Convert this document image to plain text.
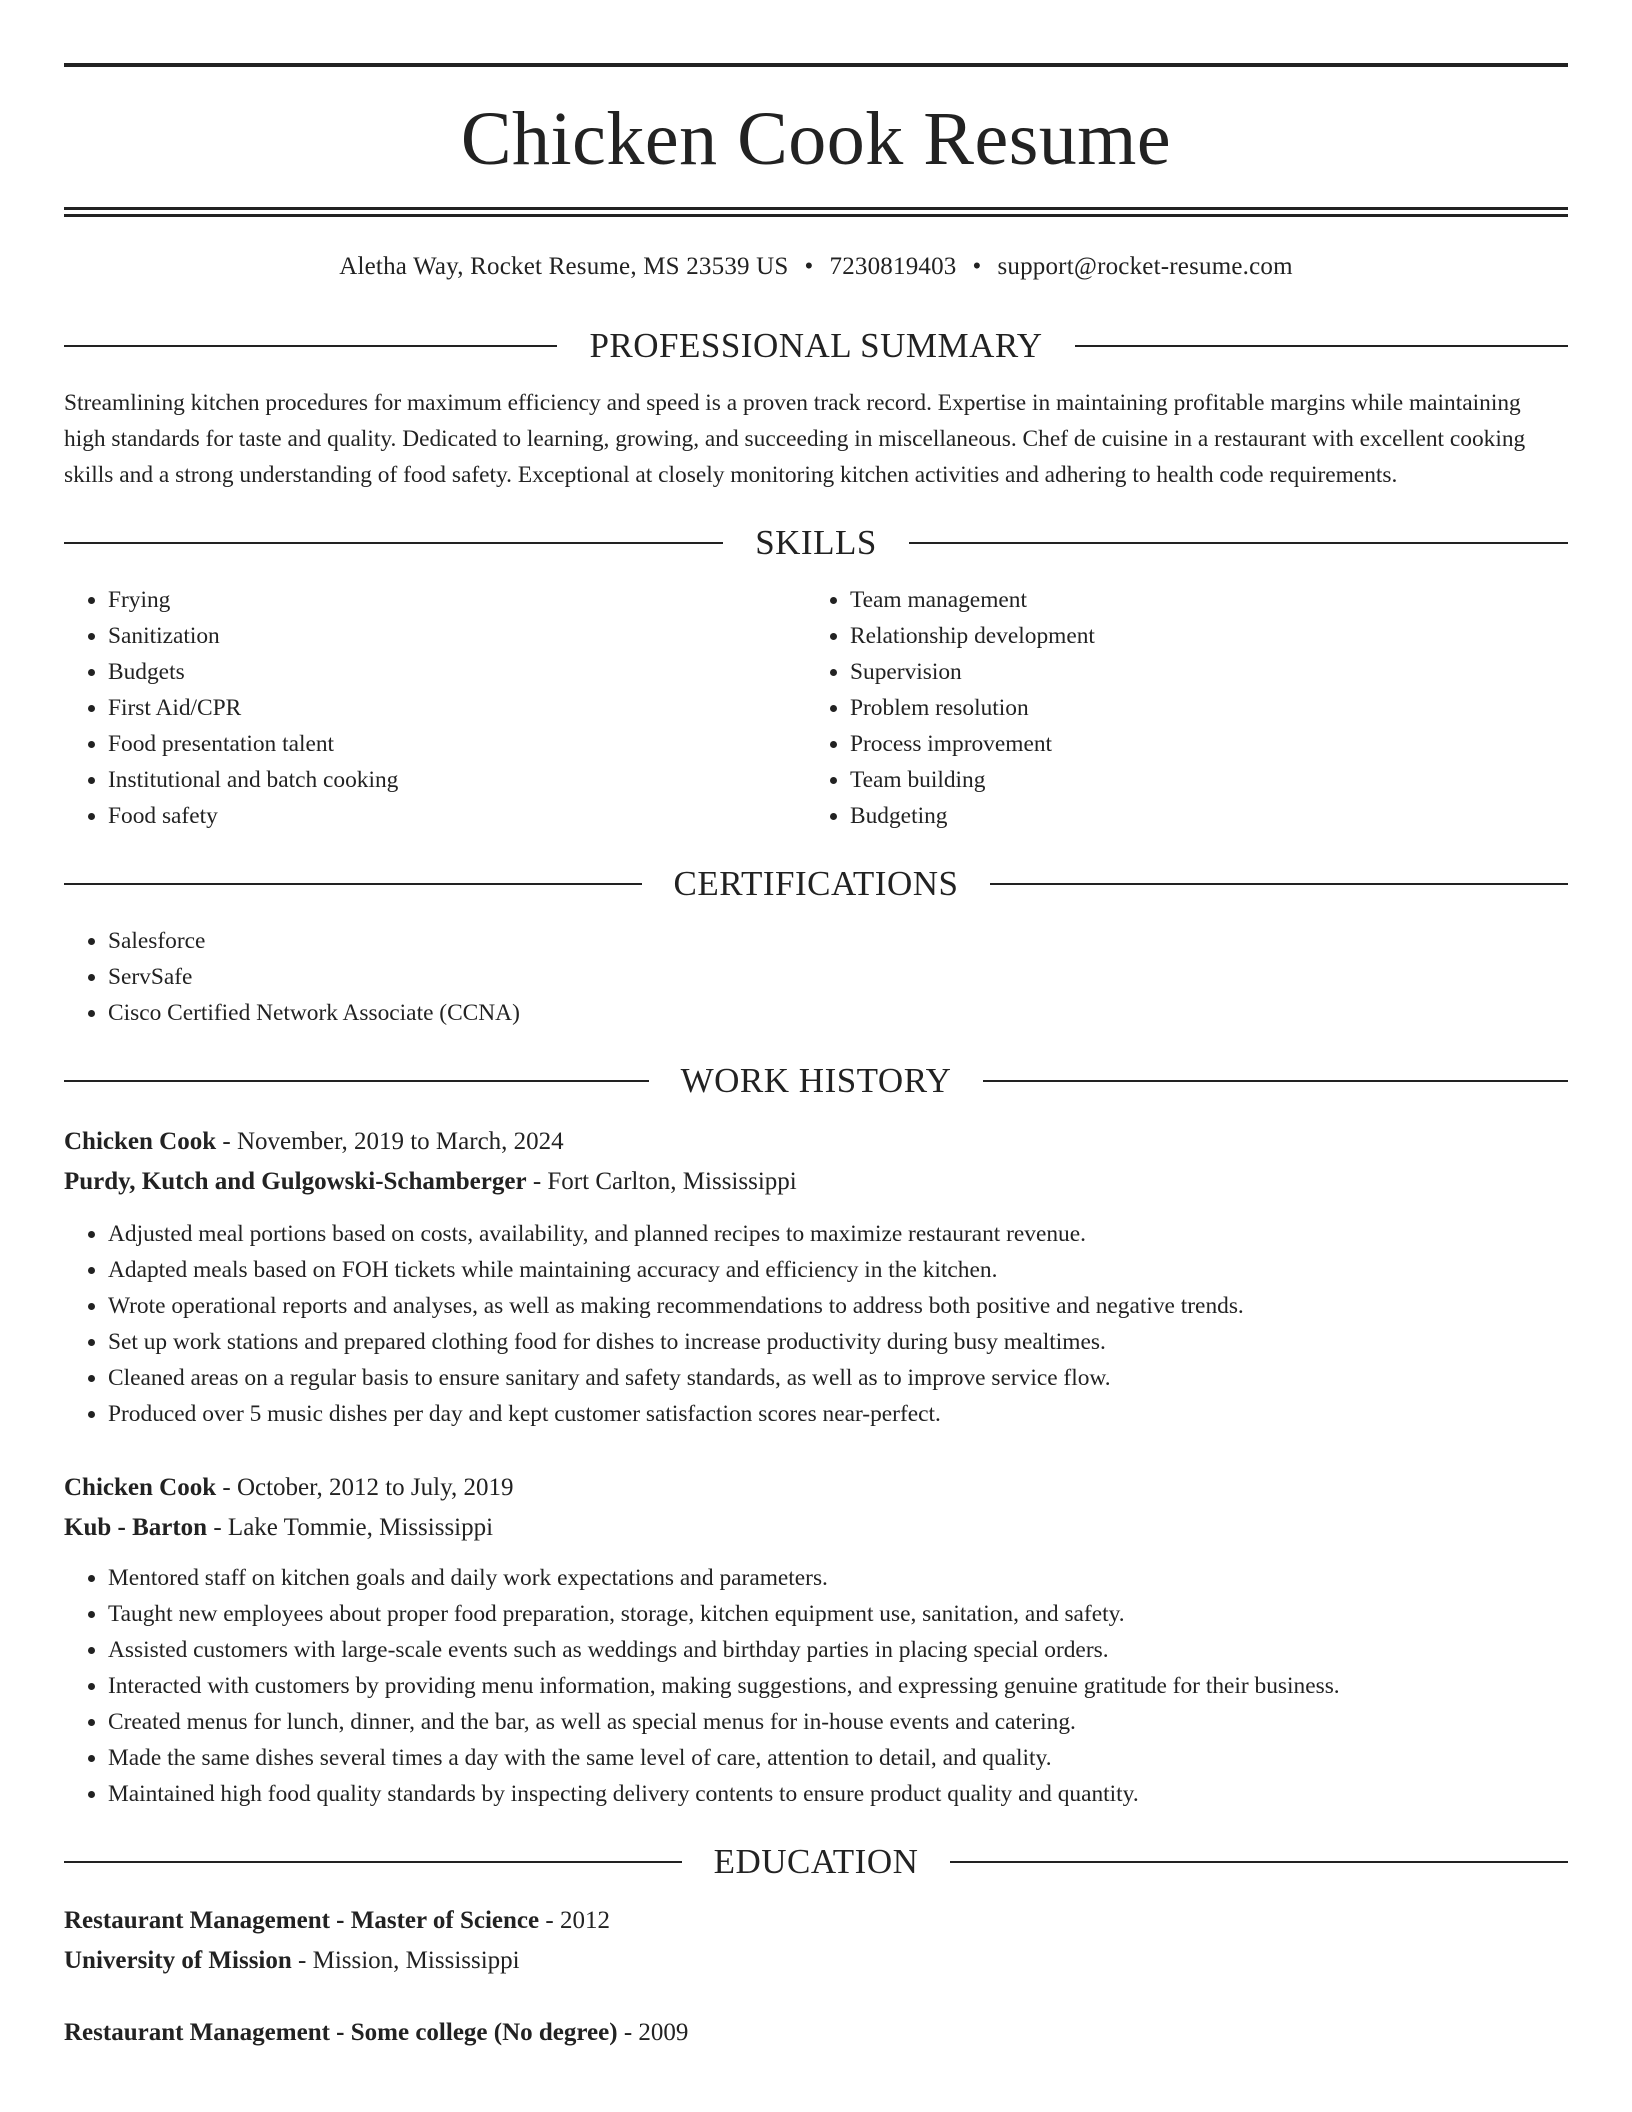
Chicken Cook Resume
Aletha Way, Rocket Resume, MS 23539 US • 7230819403 • support@rocket-resume.com
PROFESSIONAL SUMMARY

Streamlining kitchen procedures for maximum efficiency and speed is a proven track record. Expertise in maintaining profitable margins while maintaining high standards for taste and quality. Dedicated to learning, growing, and succeeding in miscellaneous. Chef de cuisine in a restaurant with excellent cooking skills and a strong understanding of food safety. Exceptional at closely monitoring kitchen activities and adhering to health code requirements.

SKILLS
• Frying
• Sanitization
• Budgets
• First Aid/CPR
• Food presentation talent
• Institutional and batch cooking
• Food safety
• Team management
• Relationship development
• Supervision
• Problem resolution
• Process improvement
• Team building
• Budgeting
CERTIFICATIONS
• Salesforce
• ServSafe
• Cisco Certified Network Associate (CCNA)
WORK HISTORY
Chicken Cook - November, 2019 to March, 2024
Purdy, Kutch and Gulgowski-Schamberger - Fort Carlton, Mississippi
• Adjusted meal portions based on costs, availability, and planned recipes to maximize restaurant revenue.
• Adapted meals based on FOH tickets while maintaining accuracy and efficiency in the kitchen.
• Wrote operational reports and analyses, as well as making recommendations to address both positive and negative trends.
• Set up work stations and prepared clothing food for dishes to increase productivity during busy mealtimes.
• Cleaned areas on a regular basis to ensure sanitary and safety standards, as well as to improve service flow.
• Produced over 5 music dishes per day and kept customer satisfaction scores near-perfect.
Chicken Cook - October, 2012 to July, 2019
Kub - Barton - Lake Tommie, Mississippi
• Mentored staff on kitchen goals and daily work expectations and parameters.
• Taught new employees about proper food preparation, storage, kitchen equipment use, sanitation, and safety.
• Assisted customers with large-scale events such as weddings and birthday parties in placing special orders.
• Interacted with customers by providing menu information, making suggestions, and expressing genuine gratitude for their business.
• Created menus for lunch, dinner, and the bar, as well as special menus for in-house events and catering.
• Made the same dishes several times a day with the same level of care, attention to detail, and quality.
• Maintained high food quality standards by inspecting delivery contents to ensure product quality and quantity.
EDUCATION
Restaurant Management - Master of Science - 2012
University of Mission - Mission, Mississippi
Restaurant Management - Some college (No degree) - 2009
